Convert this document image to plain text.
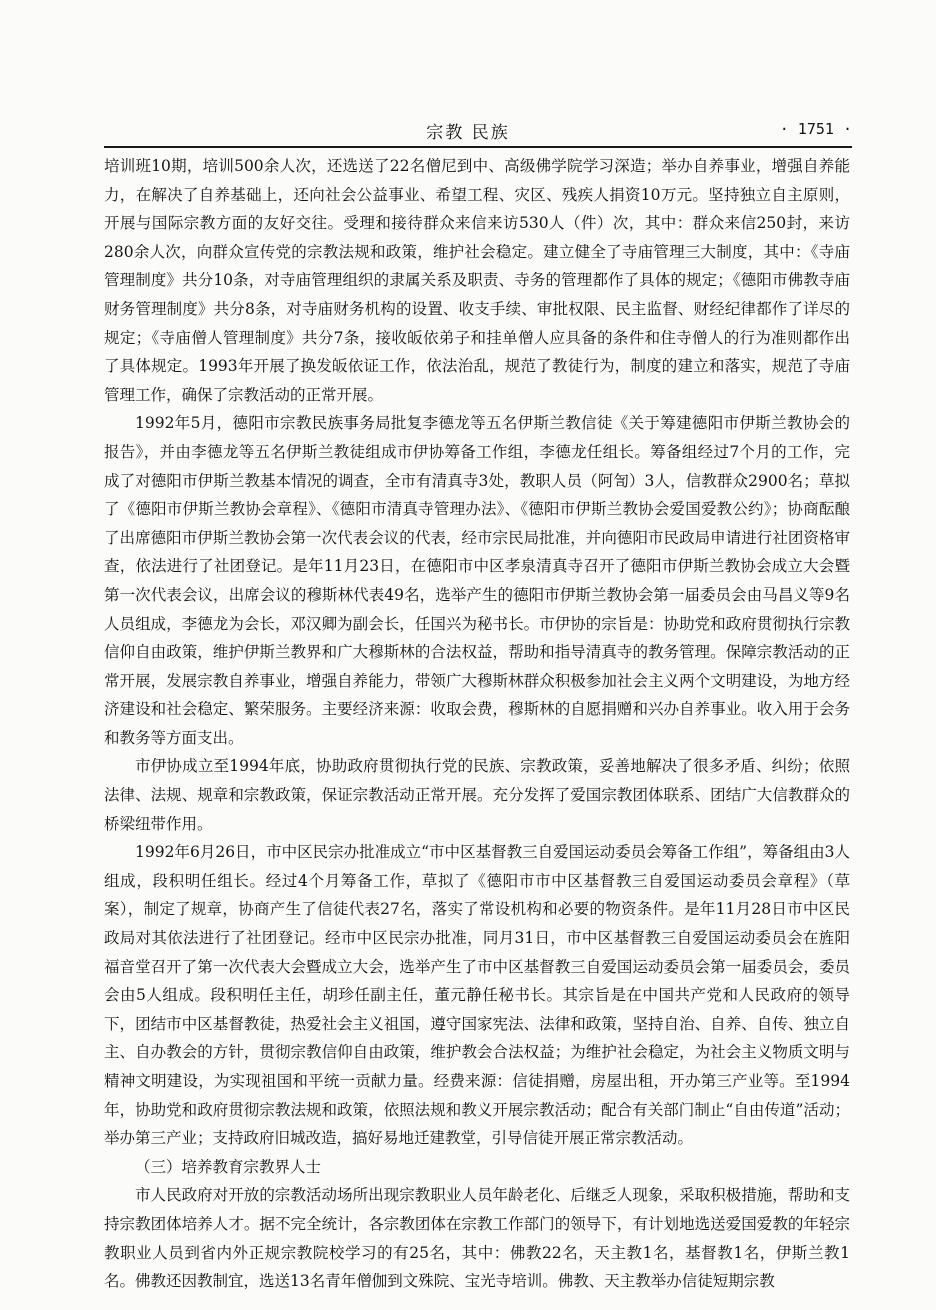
宗教 民族	· 1751 ·

培训班10期，培训500余人次，还选送了22名僧尼到中、高级佛学院学习深造；举办自养事业，增强自养能力，在解决了自养基础上，还向社会公益事业、希望工程、灾区、残疾人捐资10万元。坚持独立自主原则，开展与国际宗教方面的友好交往。受理和接待群众来信来访530人（件）次，其中：群众来信250封，来访280余人次，向群众宣传党的宗教法规和政策，维护社会稳定。建立健全了寺庙管理三大制度，其中：《寺庙管理制度》共分10条，对寺庙管理组织的隶属关系及职责、寺务的管理都作了具体的规定；《德阳市佛教寺庙财务管理制度》共分8条，对寺庙财务机构的设置、收支手续、审批权限、民主监督、财经纪律都作了详尽的规定；《寺庙僧人管理制度》共分7条，接收皈依弟子和挂单僧人应具备的条件和住寺僧人的行为准则都作出了具体规定。1993年开展了换发皈依证工作，依法治乱，规范了教徒行为，制度的建立和落实，规范了寺庙管理工作，确保了宗教活动的正常开展。

1992年5月，德阳市宗教民族事务局批复李德龙等五名伊斯兰教信徒《关于筹建德阳市伊斯兰教协会的报告》，并由李德龙等五名伊斯兰教徒组成市伊协筹备工作组，李德龙任组长。筹备组经过7个月的工作，完成了对德阳市伊斯兰教基本情况的调查，全市有清真寺3处，教职人员（阿訇）3人，信教群众2900名；草拟了《德阳市伊斯兰教协会章程》、《德阳市清真寺管理办法》、《德阳市伊斯兰教协会爱国爱教公约》；协商酝酿了出席德阳市伊斯兰教协会第一次代表会议的代表，经市宗民局批准，并向德阳市民政局申请进行社团资格审查，依法进行了社团登记。是年11月23日，在德阳市中区孝泉清真寺召开了德阳市伊斯兰教协会成立大会暨第一次代表会议，出席会议的穆斯林代表49名，选举产生的德阳市伊斯兰教协会第一届委员会由马昌义等9名人员组成，李德龙为会长，邓汉卿为副会长，任国兴为秘书长。市伊协的宗旨是：协助党和政府贯彻执行宗教信仰自由政策，维护伊斯兰教界和广大穆斯林的合法权益，帮助和指导清真寺的教务管理。保障宗教活动的正常开展，发展宗教自养事业，增强自养能力，带领广大穆斯林群众积极参加社会主义两个文明建设，为地方经济建设和社会稳定、繁荣服务。主要经济来源：收取会费，穆斯林的自愿捐赠和兴办自养事业。收入用于会务和教务等方面支出。

市伊协成立至1994年底，协助政府贯彻执行党的民族、宗教政策，妥善地解决了很多矛盾、纠纷；依照法律、法规、规章和宗教政策，保证宗教活动正常开展。充分发挥了爱国宗教团体联系、团结广大信教群众的桥梁纽带作用。

1992年6月26日，市中区民宗办批准成立“市中区基督教三自爱国运动委员会筹备工作组”，筹备组由3人组成，段积明任组长。经过4个月筹备工作，草拟了《德阳市市中区基督教三自爱国运动委员会章程》（草案），制定了规章，协商产生了信徒代表27名，落实了常设机构和必要的物资条件。是年11月28日市中区民政局对其依法进行了社团登记。经市中区民宗办批准，同月31日，市中区基督教三自爱国运动委员会在旌阳福音堂召开了第一次代表大会暨成立大会，选举产生了市中区基督教三自爱国运动委员会第一届委员会，委员会由5人组成。段积明任主任，胡珍任副主任，董元静任秘书长。其宗旨是在中国共产党和人民政府的领导下，团结市中区基督教徒，热爱社会主义祖国，遵守国家宪法、法律和政策，坚持自治、自养、自传、独立自主、自办教会的方针，贯彻宗教信仰自由政策，维护教会合法权益；为维护社会稳定，为社会主义物质文明与精神文明建设，为实现祖国和平统一贡献力量。经费来源：信徒捐赠，房屋出租，开办第三产业等。至1994年，协助党和政府贯彻宗教法规和政策，依照法规和教义开展宗教活动；配合有关部门制止“自由传道”活动；举办第三产业；支持政府旧城改造，搞好易地迁建教堂，引导信徒开展正常宗教活动。

（三）培养教育宗教界人士

市人民政府对开放的宗教活动场所出现宗教职业人员年龄老化、后继乏人现象，采取积极措施，帮助和支持宗教团体培养人才。据不完全统计，各宗教团体在宗教工作部门的领导下，有计划地选送爱国爱教的年轻宗教职业人员到省内外正规宗教院校学习的有25名，其中：佛教22名，天主教1名，基督教1名，伊斯兰教1名。佛教还因教制宜，选送13名青年僧伽到文殊院、宝光寺培训。佛教、天主教举办信徒短期宗教
